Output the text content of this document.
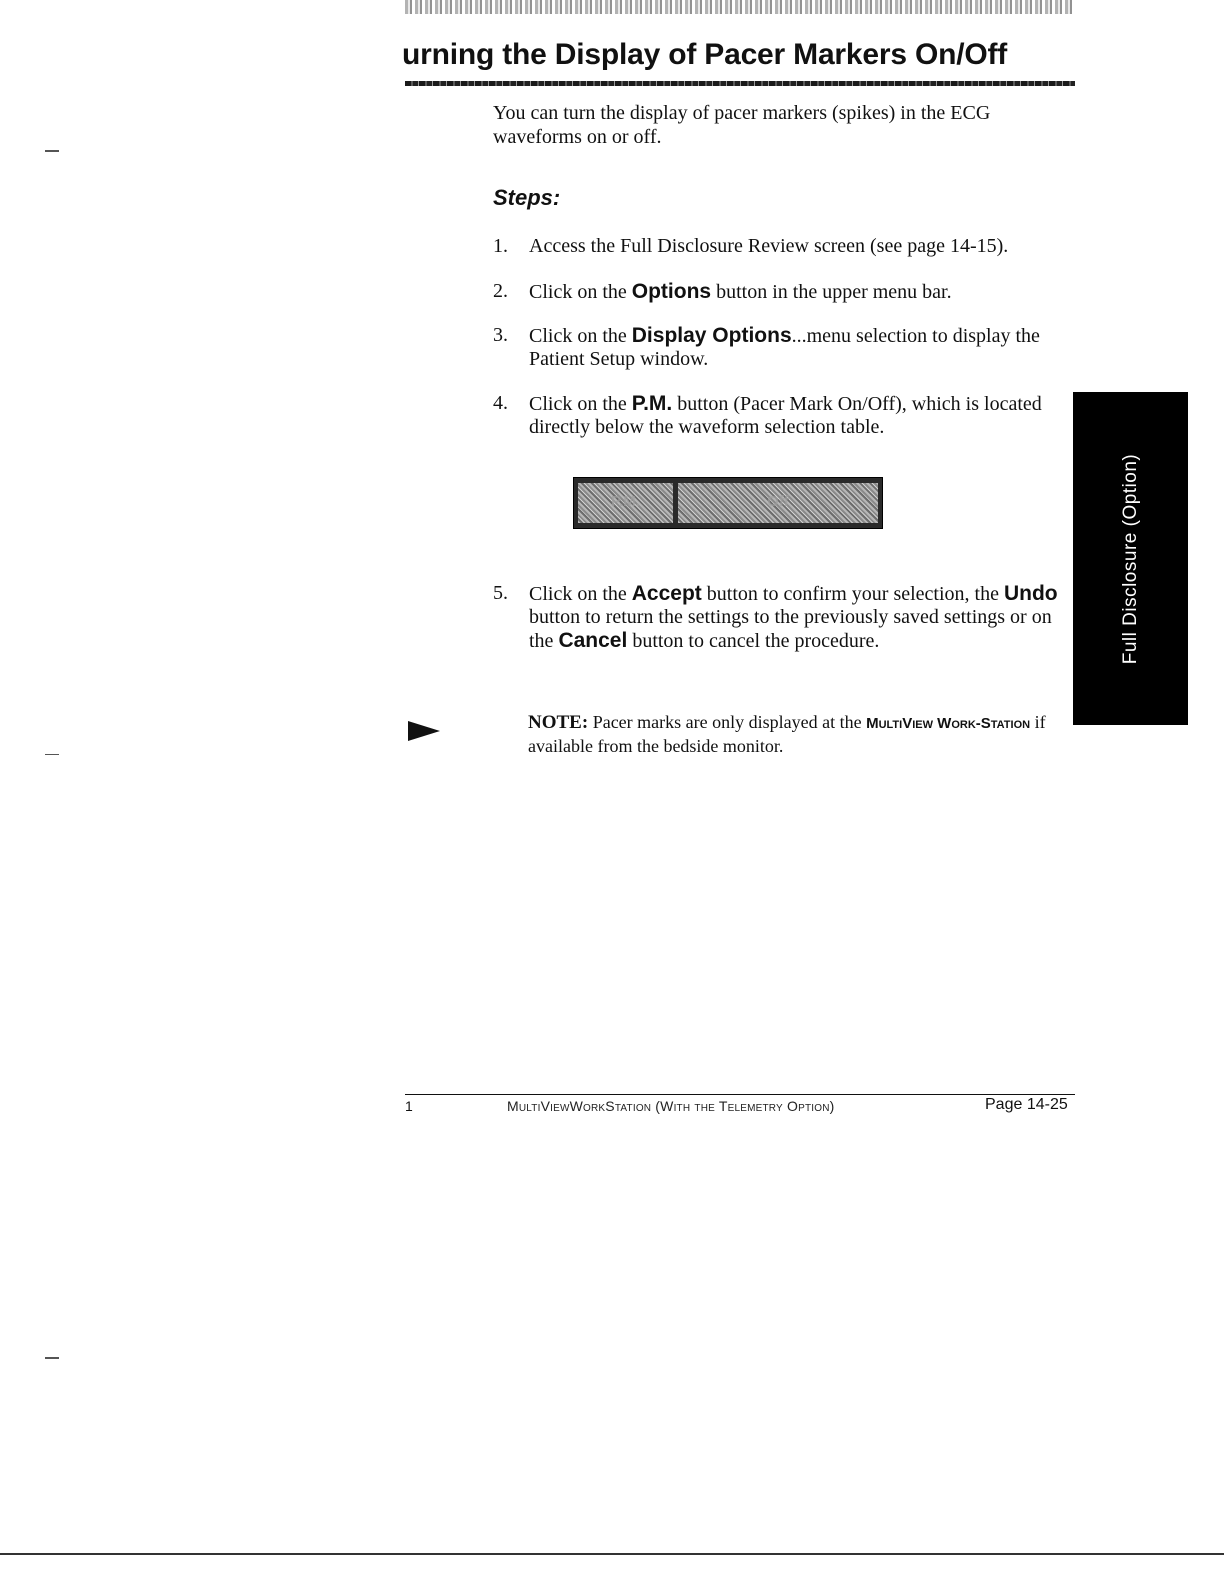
urning the Display of Pacer Markers On/Off

You can turn the display of pacer markers (spikes) in the ECG waveforms on or off.

Steps:
1. Access the Full Disclosure Review screen (see page 14-15).
2. Click on the Options button in the upper menu bar.
3. Click on the Display Options...menu selection to display the Patient Setup window.
4. Click on the P.M. button (Pacer Mark On/Off), which is located directly below the waveform selection table.
P.M.	Off
5. Click on the Accept button to confirm your selection, the Undo button to return the settings to the previously saved settings or on the Cancel button to cancel the procedure.	Full Disclosure (Option)

NOTE: Pacer marks are only displayed at the MultiView Work-Station if available from the bedside monitor.

1	MultiViewWorkStation (With the Telemetry Option)	Page 14-25
